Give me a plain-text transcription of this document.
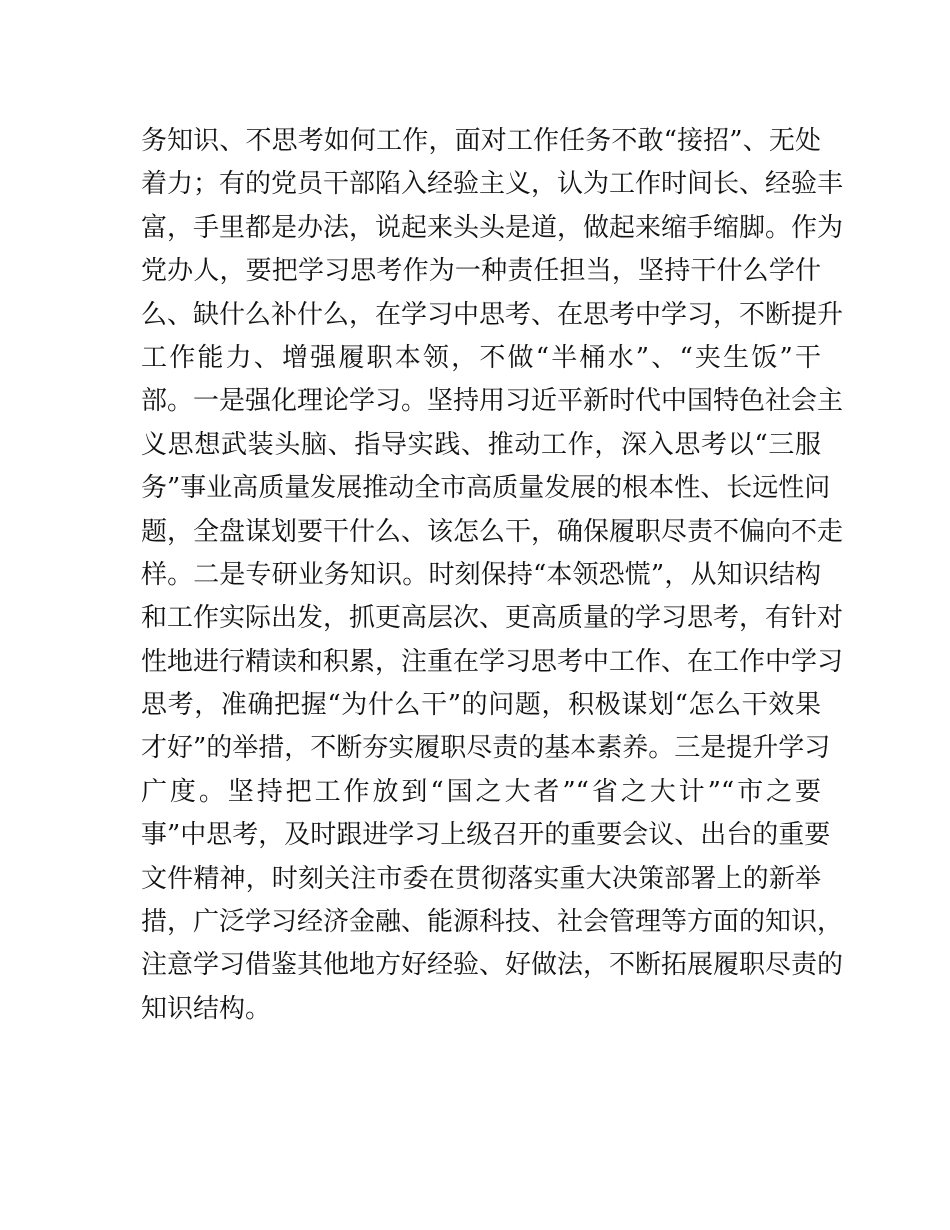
务知识、不思考如何工作，面对工作任务不敢“接招”、无处
着力；有的党员干部陷入经验主义，认为工作时间长、经验丰
富，手里都是办法，说起来头头是道，做起来缩手缩脚。作为
党办人，要把学习思考作为一种责任担当，坚持干什么学什
么、缺什么补什么，在学习中思考、在思考中学习，不断提升
工作能力、增强履职本领，不做“半桶水”、“夹生饭”干
部。一是强化理论学习。坚持用习近平新时代中国特色社会主
义思想武装头脑、指导实践、推动工作，深入思考以“三服
务”事业高质量发展推动全市高质量发展的根本性、长远性问
题，全盘谋划要干什么、该怎么干，确保履职尽责不偏向不走
样。二是专研业务知识。时刻保持“本领恐慌”，从知识结构
和工作实际出发，抓更高层次、更高质量的学习思考，有针对
性地进行精读和积累，注重在学习思考中工作、在工作中学习
思考，准确把握“为什么干”的问题，积极谋划“怎么干效果
才好”的举措，不断夯实履职尽责的基本素养。三是提升学习
广度。坚持把工作放到“国之大者”“省之大计”“市之要
事”中思考，及时跟进学习上级召开的重要会议、出台的重要
文件精神，时刻关注市委在贯彻落实重大决策部署上的新举
措，广泛学习经济金融、能源科技、社会管理等方面的知识，
注意学习借鉴其他地方好经验、好做法，不断拓展履职尽责的
知识结构。
